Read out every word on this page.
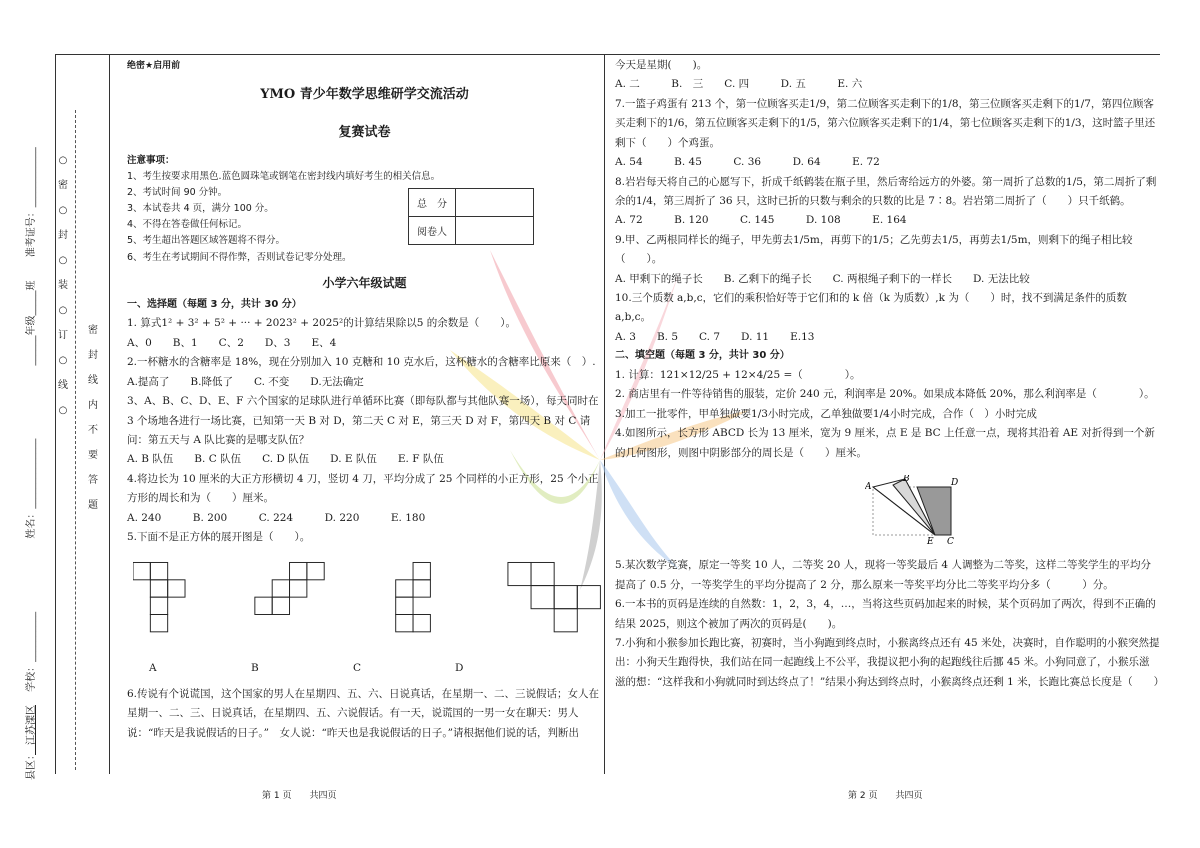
县区：　江苏溧区 　学校：__________ 　　　　　　　姓名：______________ 　　　　　　　______年级_____班 　　准考证号：____________ ○
密
○
封
○
装
○
订
○
线
○
密
封
线
内
不
要
答
题
绝密★启用前
YMO 青少年数学思维研学交流活动
复赛试卷
注意事项：
1、考生按要求用黑色.蓝色圆珠笔或钢笔在密封线内填好考生的相关信息。
2、考试时间 90 分钟。
3、本试卷共 4 页，满分 100 分。
4、不得在答卷做任何标记。
5、考生超出答题区域答题将不得分。
6、考生在考试期间不得作弊，否则试卷记零分处理。
小学六年级试题
一、选择题（每题 3 分，共计 30 分）
1. 算式1² + 3² + 5² + ··· + 2023² + 2025²的计算结果除以5 的余数是（　　）。
A、0　　B、1　　C、2　　D、3　　E、4
2.一杯糖水的含糖率是 18%，现在分别加入 10 克糖和 10 克水后，这杯糖水的含糖率比原来（　）.
A.提高了　　B.降低了　　C. 不变　　D.无法确定
3、A、B、C、D、E、F 六个国家的足球队进行单循环比赛（即每队都与其他队赛一场），每天同时在 3 个场地各进行一场比赛，已知第一天 B 对 D，第二天 C 对 E，第三天 D 对 F，第四天 B 对 C 请问：第五天与 A 队比赛的是哪支队伍？
A. B 队伍　　B. C 队伍　　C. D 队伍　　D. E 队伍　　E. F 队伍
4.将边长为 10 厘米的大正方形横切 4 刀，竖切 4 刀，平均分成了 25 个同样的小正方形，25 个小正方形的周长和为（　　）厘米。
A. 240　　　B. 200　　　C. 224　　　D. 220　　　E. 180
5.下面不是正方体的展开图是（　　）。
A	B	C	D
6.传说有个说谎国，这个国家的男人在星期四、五、六、日说真话，在星期一、二、三说假话；女人在星期一、二、三、日说真话，在星期四、五、六说假话。有一天，说谎国的一男一女在聊天：男人说：“昨天是我说假话的日子。”　女人说：“昨天也是我说假话的日子。”请根据他们说的话，判断出
总　分	
阅卷人	
今天是星期(　　)。
A. 二　　　B.　三　　C. 四　　　D. 五　　　E. 六
7.一篮子鸡蛋有 213 个，第一位顾客买走1/9，第二位顾客买走剩下的1/8，第三位顾客买走剩下的1/7，第四位顾客买走剩下的1/6，第五位顾客买走剩下的1/5，第六位顾客买走剩下的1/4，第七位顾客买走剩下的1/3，这时篮子里还剩下（　　）个鸡蛋。
A. 54　　　B. 45　　　C. 36　　　D. 64　　　E. 72
8.岩岩每天将自己的心愿写下，折成千纸鹤装在瓶子里，然后寄给远方的外婆。第一周折了总数的1/5，第二周折了剩余的1/4，第三周折了 36 只，这时已折的只数与剩余的只数的比是 7∶8。岩岩第二周折了（　　）只千纸鹤。
A. 72　　　B. 120　　　C. 145　　　D. 108　　　E. 164
9.甲、乙两根同样长的绳子，甲先剪去1/5m，再剪下的1/5；乙先剪去1/5，再剪去1/5m，则剩下的绳子相比较（　　）。
A. 甲剩下的绳子长　　B. 乙剩下的绳子长　　C. 两根绳子剩下的一样长　　D. 无法比较
10.三个质数 a,b,c，它们的乘积恰好等于它们和的 k 倍（k 为质数）,k 为（　　）时，找不到满足条件的质数 a,b,c。
A. 3　　B. 5　　C. 7　　D. 11　　E.13
二、填空题（每题 3 分，共计 30 分）
1. 计算：121×12/25 + 12×4/25 =（　　　　）。
2. 商店里有一件等待销售的服装，定价 240 元，利润率是 20%。如果成本降低 20%，那么利润率是（　　　　）。
3.加工一批零件，甲单独做要1/3小时完成，乙单独做要1/4小时完成，合作（　）小时完成
4.如图所示，长方形 ABCD 长为 13 厘米，宽为 9 厘米，点 E 是 BC 上任意一点，现将其沿着 AE 对折得到一个新的几何图形，则图中阴影部分的周长是（　　）厘米。
A
B	D
E C
5.某次数学竞赛，原定一等奖 10 人，二等奖 20 人，现将一等奖最后 4 人调整为二等奖，这样二等奖学生的平均分提高了 0.5 分，一等奖学生的平均分提高了 2 分，那么原来一等奖平均分比二等奖平均分多（　　　）分。
6.一本书的页码是连续的自然数：1，2，3，4，…，当将这些页码加起来的时候，某个页码加了两次，得到不正确的结果 2025，则这个被加了两次的页码是(　　)。
7.小狗和小猴参加长跑比赛，初赛时，当小狗跑到终点时，小猴离终点还有 45 米处，决赛时，自作聪明的小猴突然提出：小狗天生跑得快，我们站在同一起跑线上不公平，我提议把小狗的起跑线往后挪 45 米。小狗同意了，小猴乐滋滋的想：“这样我和小狗就同时到达终点了！”结果小狗达到终点时，小猴离终点还剩 1 米，长跑比赛总长度是（　　）
第 1 页　　共四页	第 2 页　　共四页
